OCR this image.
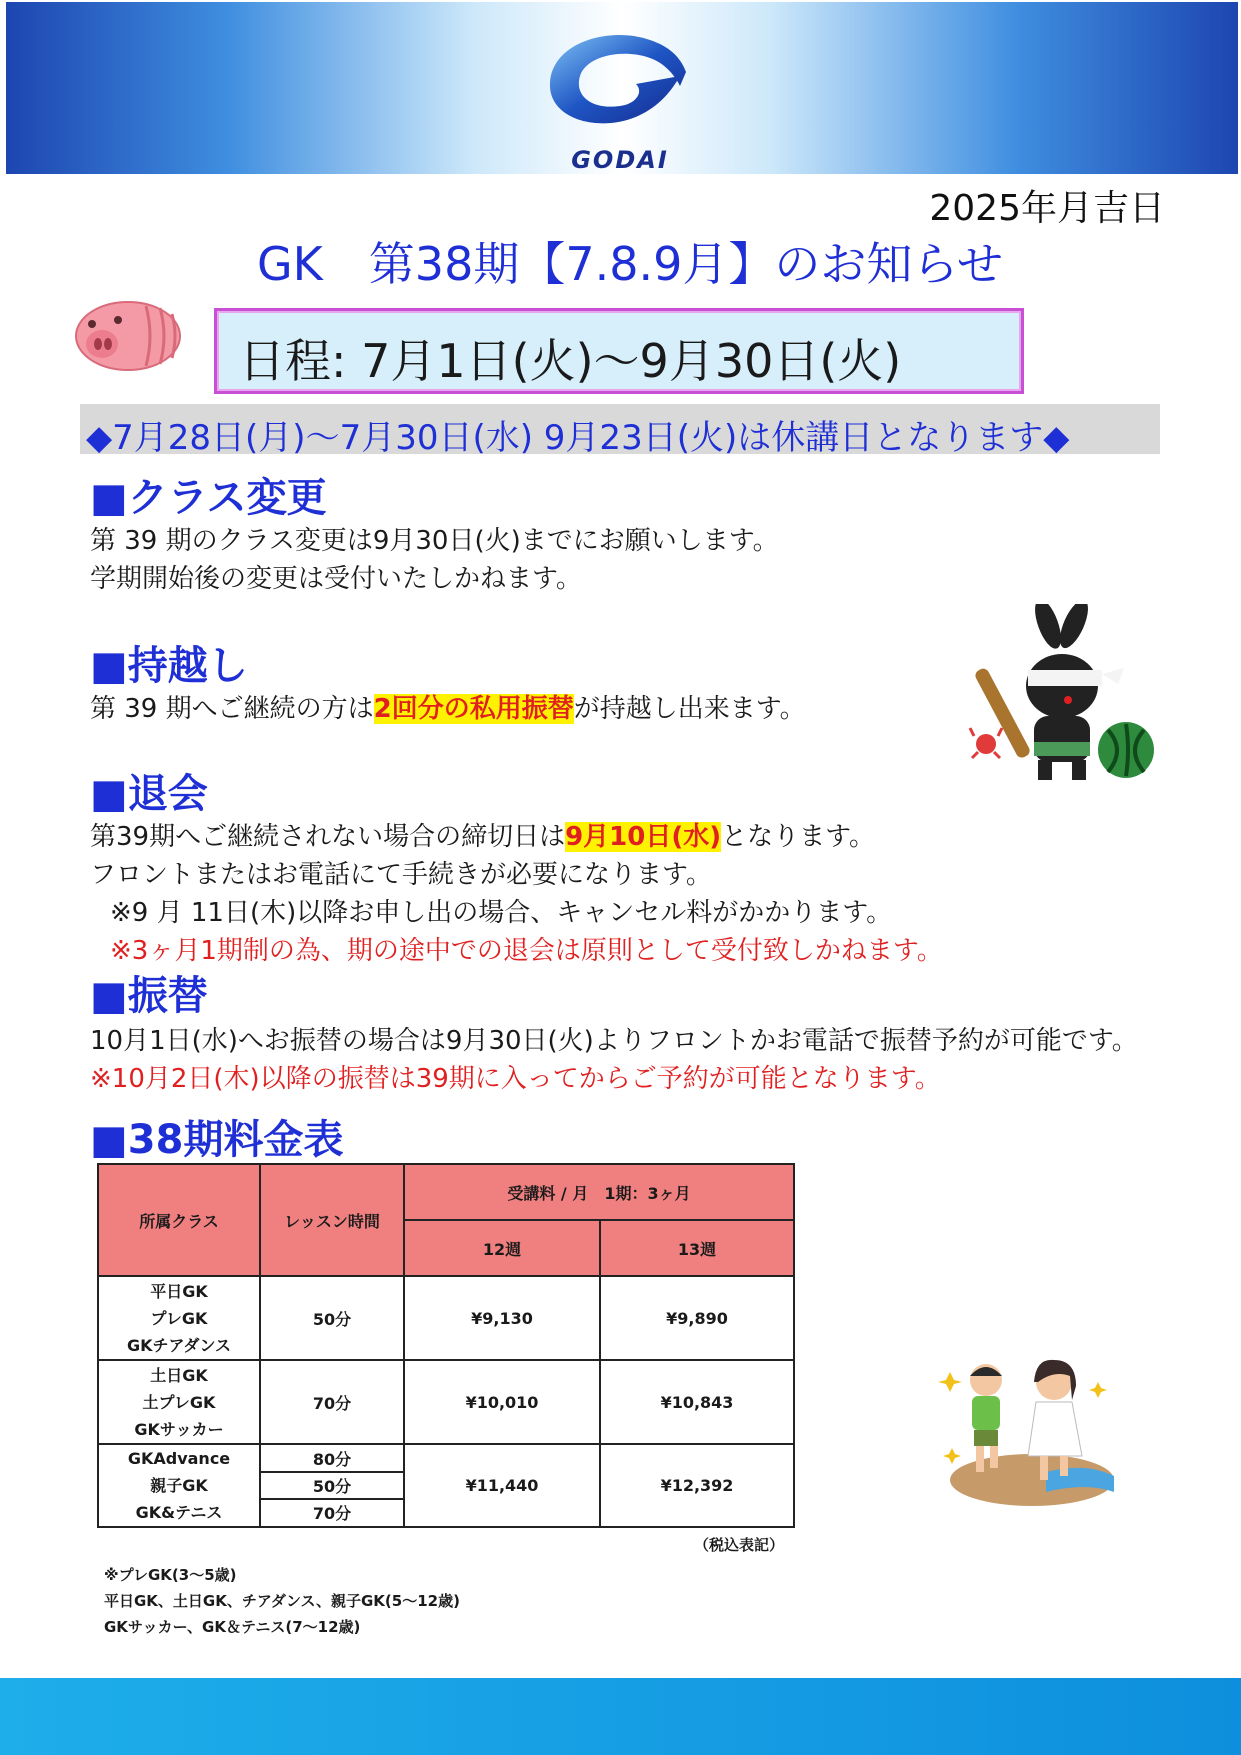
GODAI
2025年月吉日
GK　第38期【7.8.9月】のお知らせ
日程: 7月1日(火)～9月30日(火)
◆7月28日(月)～7月30日(水) 9月23日(火)は休講日となります◆
■クラス変更
第 39 期のクラス変更は9月30日(火)までにお願いします。
学期開始後の変更は受付いたしかねます。
■持越し
第 39 期へご継続の方は2回分の私用振替が持越し出来ます。
■退会
第39期へご継続されない場合の締切日は9月10日(水)となります。
フロントまたはお電話にて手続きが必要になります。
※9 月 11日(木)以降お申し出の場合、キャンセル料がかかります。
※3ヶ月1期制の為、期の途中での退会は原則として受付致しかねます。
■振替
10月1日(水)へお振替の場合は9月30日(火)よりフロントかお電話で振替予約が可能です。
※10月2日(木)以降の振替は39期に入ってからご予約が可能となります。
■38期料金表
所属クラス	レッスン時間	受講料 / 月　1期：3ヶ月	
		12週	13週

平日GK
プレGK
GKチアダンス	50分	¥9,130	¥9,890

土日GK
土プレGK
GKサッカー	70分	¥10,010	¥10,843

GKAdvance
親子GK
GK&テニス	80分	¥11,440	¥12,392
	50分		
	70分		
（税込表記）
※プレGK(3～5歳)
平日GK、土日GK、チアダンス、親子GK(5～12歳)
GKサッカー、GK＆テニス(7～12歳)
